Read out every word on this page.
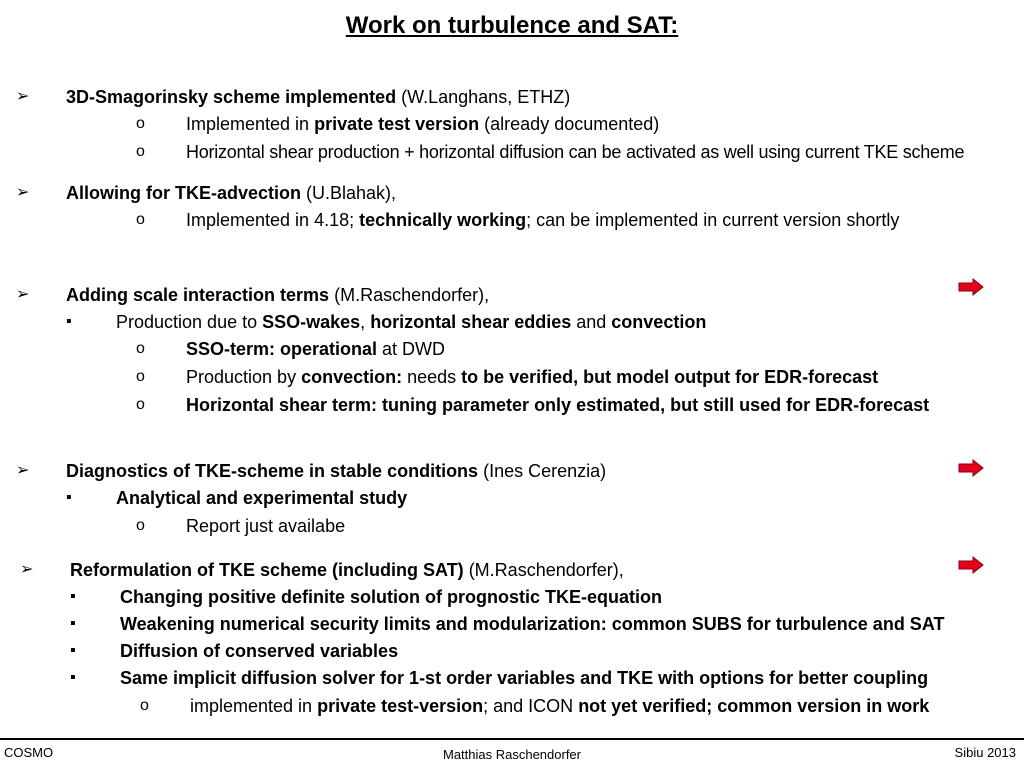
Work on turbulence and SAT:
➢ 3D-Smagorinsky scheme implemented (W.Langhans, ETHZ)
o Implemented in private test version (already documented)
o Horizontal shear production + horizontal diffusion can be activated as well using current TKE scheme
➢ Allowing for TKE-advection (U.Blahak),
o Implemented in 4.18; technically working; can be implemented in current version shortly
➢ Adding scale interaction terms (M.Raschendorfer),
▪ Production due to SSO-wakes, horizontal shear eddies and convection
o SSO-term: operational at DWD
o Production by convection: needs to be verified, but model output for EDR-forecast
o Horizontal shear term: tuning parameter only estimated, but still used for EDR-forecast
➢ Diagnostics of TKE-scheme in stable conditions (Ines Cerenzia)
▪ Analytical and experimental study
o Report just availabe
➢ Reformulation of TKE scheme (including SAT) (M.Raschendorfer),
▪ Changing positive definite solution of prognostic TKE-equation
▪ Weakening numerical security limits and modularization: common SUBS for turbulence and SAT
▪ Diffusion of conserved variables
▪ Same implicit diffusion solver for 1-st order variables and TKE with options for better coupling
o implemented in private test-version; and ICON not yet verified; common version in work
COSMO	Matthias Raschendorfer	Sibiu 2013
